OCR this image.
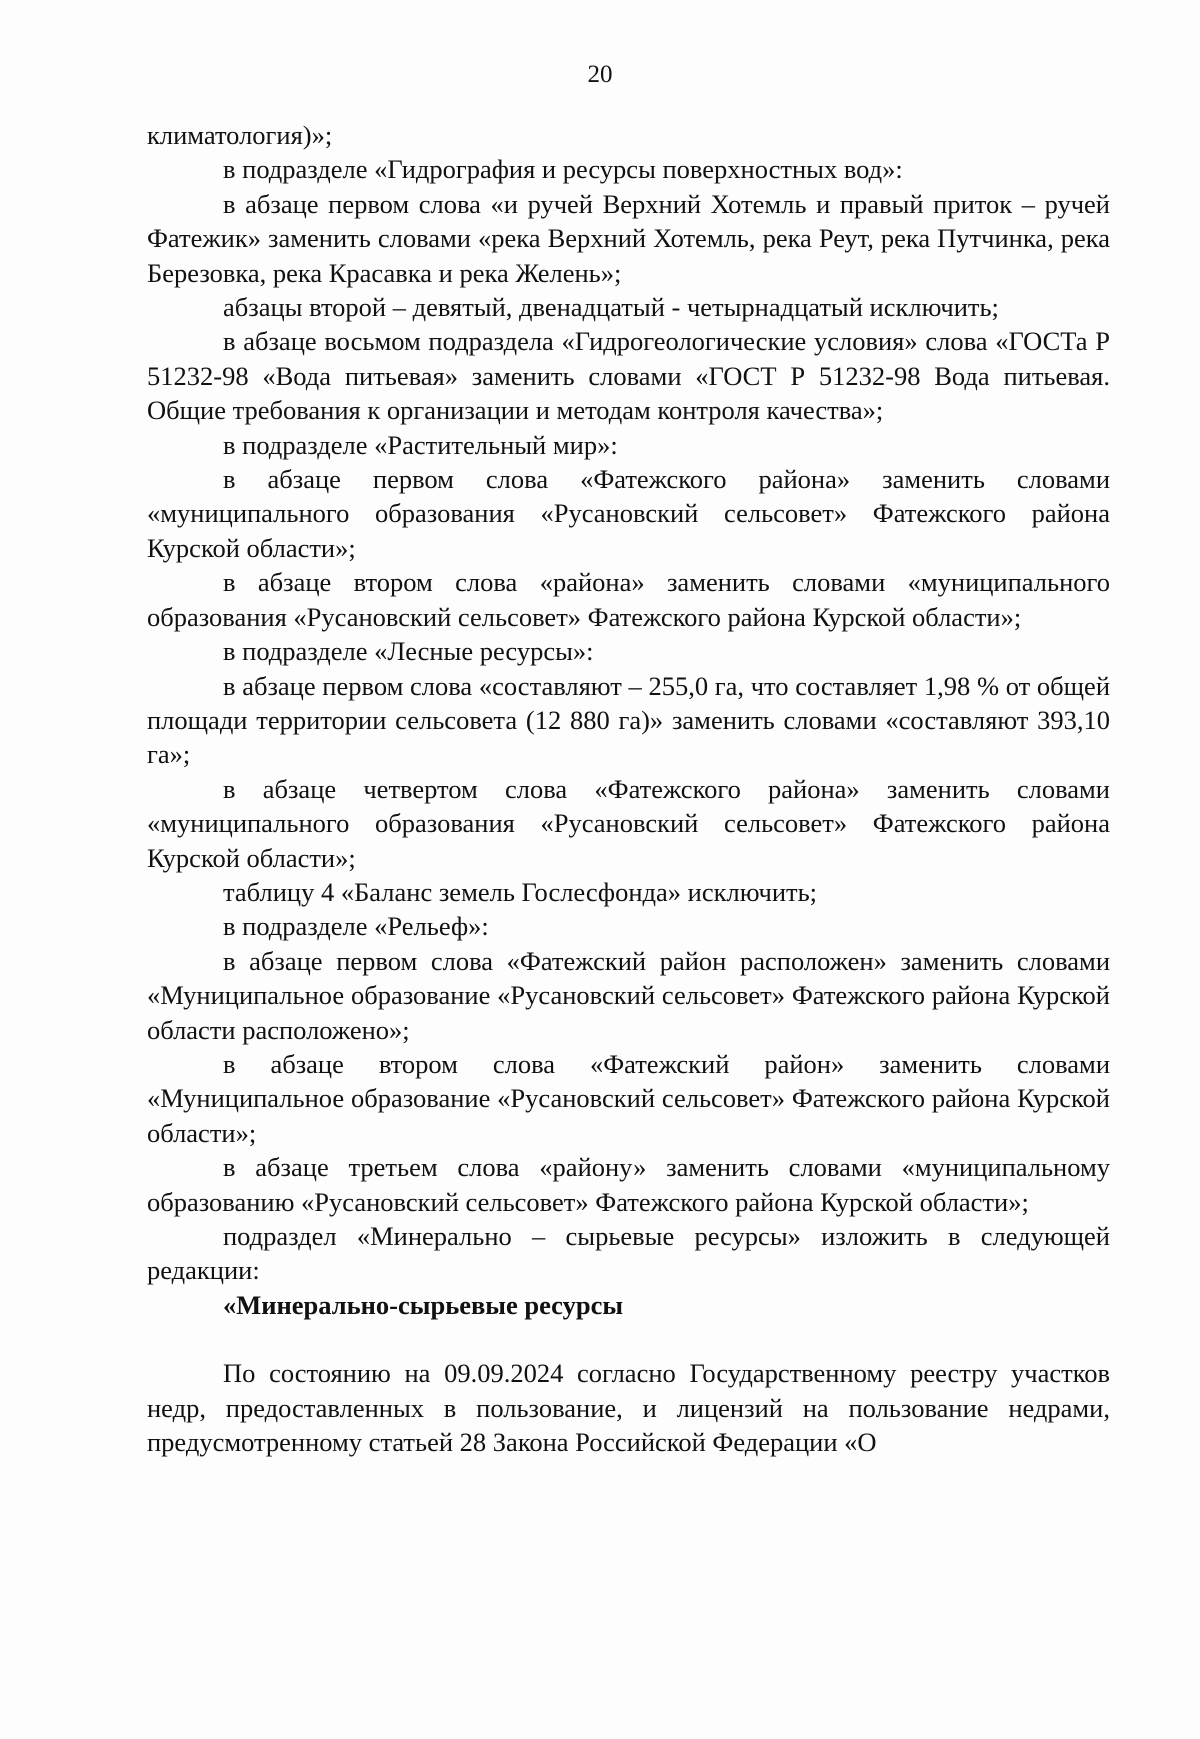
20

климатология)»;

в подразделе «Гидрография и ресурсы поверхностных вод»:

в абзаце первом слова «и ручей Верхний Хотемль и правый приток – ручей Фатежик» заменить словами «река Верхний Хотемль, река Реут, река Путчинка, река Березовка, река Красавка и река Желень»;

абзацы второй – девятый, двенадцатый - четырнадцатый исключить;

в абзаце восьмом подраздела «Гидрогеологические условия» слова «ГОСТа Р 51232-98 «Вода питьевая» заменить словами «ГОСТ Р 51232-98 Вода питьевая. Общие требования к организации и методам контроля качества»;

в подразделе «Растительный мир»:

в абзаце первом слова «Фатежского района» заменить словами «муниципального образования «Русановский сельсовет» Фатежского района Курской области»;

в абзаце втором слова «района» заменить словами «муниципального образования «Русановский сельсовет» Фатежского района Курской области»;

в подразделе «Лесные ресурсы»:

в абзаце первом слова «составляют – 255,0 га, что составляет 1,98 % от общей площади территории сельсовета (12 880 га)» заменить словами «составляют 393,10 га»;

в абзаце четвертом слова «Фатежского района» заменить словами «муниципального образования «Русановский сельсовет» Фатежского района Курской области»;

таблицу 4 «Баланс земель Гослесфонда» исключить;

в подразделе «Рельеф»:

в абзаце первом слова «Фатежский район расположен» заменить словами «Муниципальное образование «Русановский сельсовет» Фатежского района Курской области расположено»;

в абзаце втором слова «Фатежский район» заменить словами «Муниципальное образование «Русановский сельсовет» Фатежского района Курской области»;

в абзаце третьем слова «району» заменить словами «муниципальному образованию «Русановский сельсовет» Фатежского района Курской области»;

подраздел «Минерально – сырьевые ресурсы» изложить в следующей редакции:

«Минерально-сырьевые ресурсы

По состоянию на 09.09.2024 согласно Государственному реестру участков недр, предоставленных в пользование, и лицензий на пользование недрами, предусмотренному статьей 28 Закона Российской Федерации «О
